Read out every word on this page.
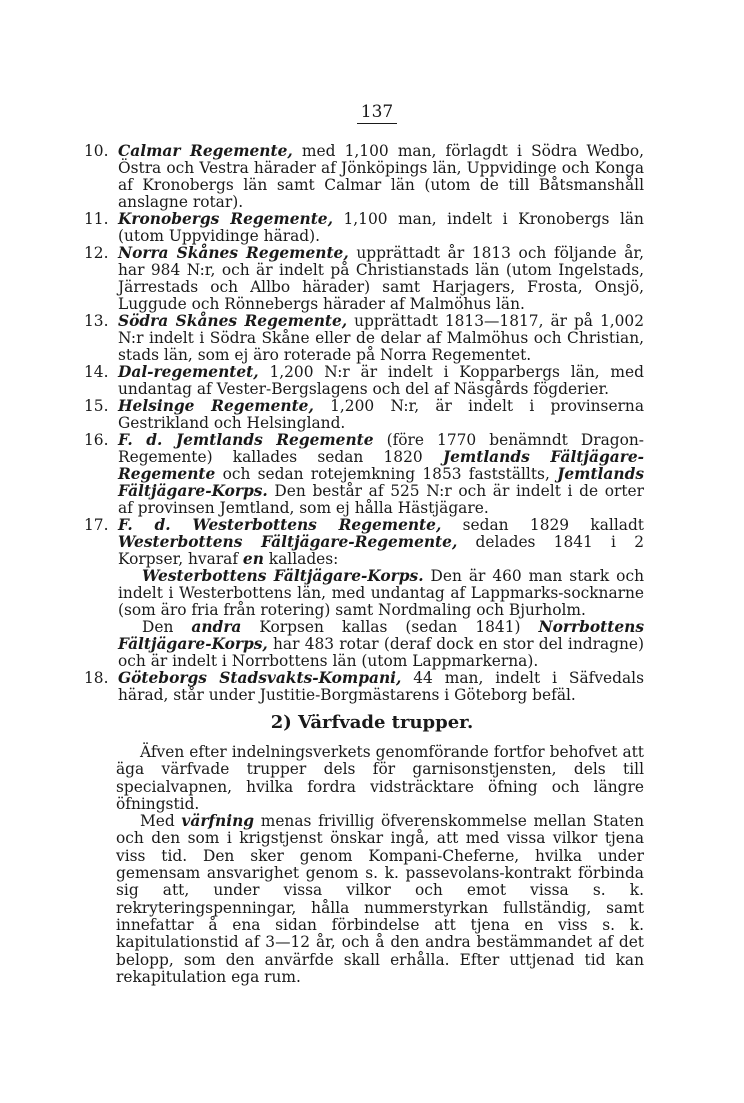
137
10. Calmar Regemente, med 1,100 man, förlagdt i Södra Wedbo, Östra och Vestra härader af Jönköpings län, Uppvidinge och Konga af Kronobergs län samt Calmar län (utom de till Båtsmanshåll anslagne rotar).
11. Kronobergs Regemente, 1,100 man, indelt i Kronobergs län (utom Uppvidinge härad).
12. Norra Skånes Regemente, upprättadt år 1813 och följande år, har 984 N:r, och är indelt på Christianstads län (utom Ingelstads, Järrestads och Allbo härader) samt Harjagers, Frosta, Onsjö, Luggude och Rönnebergs härader af Malmöhus län.
13. Södra Skånes Regemente, upprättadt 1813—1817, är på 1,002 N:r indelt i Södra Skåne eller de delar af Malmöhus och Christian, stads län, som ej äro roterade på Norra Regementet.
14. Dal-regementet, 1,200 N:r är indelt i Kopparbergs län, med undantag af Vester-Bergslagens och del af Näsgårds fögderier.
15. Helsinge Regemente, 1,200 N:r, är indelt i provinserna Gestrikland och Helsingland.
16. F. d. Jemtlands Regemente (före 1770 benämndt Dragon-Regemente) kallades sedan 1820 Jemtlands Fältjägare-Regemente och sedan rotejemkning 1853 fastställts, Jemtlands Fältjägare-Korps. Den består af 525 N:r och är indelt i de orter af provinsen Jemtland, som ej hålla Hästjägare.
17. F. d. Westerbottens Regemente, sedan 1829 kalladt Westerbottens Fältjägare-Regemente, delades 1841 i 2 Korpser, hvaraf en kallades:
Westerbottens Fältjägare-Korps. Den är 460 man stark och indelt i Westerbottens län, med undantag af Lappmarks-socknarne (som äro fria från rotering) samt Nordmaling och Bjurholm.
Den andra Korpsen kallas (sedan 1841) Norrbottens Fältjägare-Korps, har 483 rotar (deraf dock en stor del indragne) och är indelt i Norrbottens län (utom Lappmarkerna).
18. Göteborgs Stadsvakts-Kompani, 44 man, indelt i Säfvedals härad, står under Justitie-Borgmästarens i Göteborg befäl.
2) Värfvade trupper.

Äfven efter indelningsverkets genomförande fortfor behofvet att äga värfvade trupper dels för garnisonstjensten, dels till specialvapnen, hvilka fordra vidsträcktare öfning och längre öfningstid.

Med värfning menas frivillig öfverenskommelse mellan Staten och den som i krigstjenst önskar ingå, att med vissa vilkor tjena viss tid. Den sker genom Kompani-Cheferne, hvilka under gemensam ansvarighet genom s. k. passevolans-kontrakt förbinda sig att, under vissa vilkor och emot vissa s. k. rekryteringspenningar, hålla nummerstyrkan fullständig, samt innefattar å ena sidan förbindelse att tjena en viss s. k. kapitulationstid af 3—12 år, och å den andra bestämmandet af det belopp, som den anvärfde skall erhålla. Efter uttjenad tid kan rekapitulation ega rum.
